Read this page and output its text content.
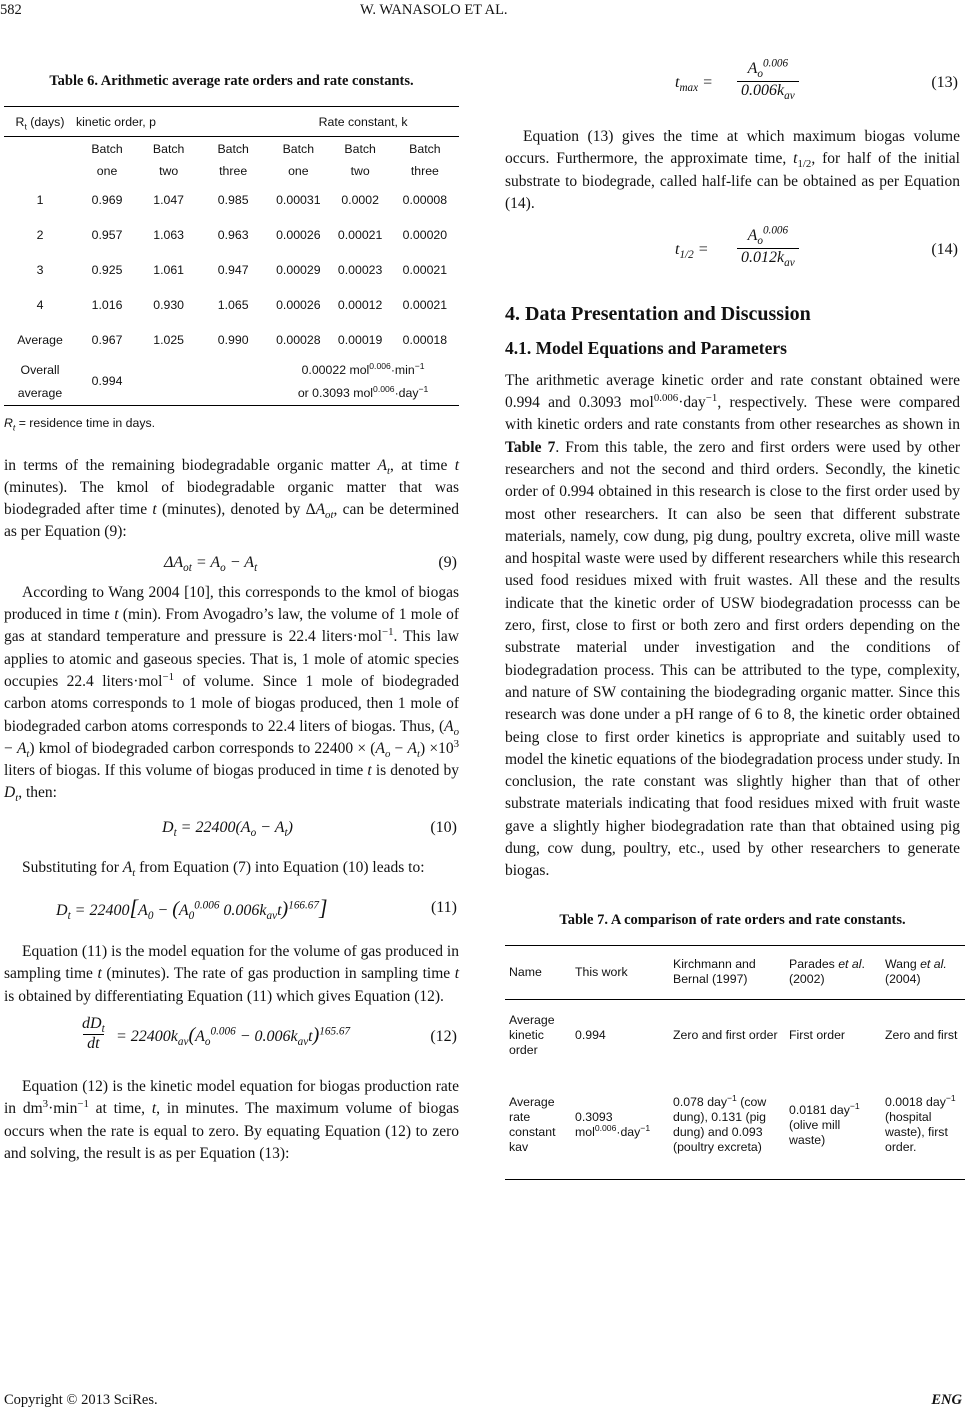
582	W. WANASOLO ET AL.
Table 6. Arithmetic average rate orders and rate constants.
$R_t$ (days)	kinetic order, p			Rate constant, k		
	Batch one	Batch two	Batch three	Batch one	Batch two	Batch three
1	0.969	1.047	0.985	0.00031	0.0002	0.00008
2	0.957	1.063	0.963	0.00026	0.00021	0.00020
3	0.925	1.061	0.947	0.00029	0.00023	0.00021
4	1.016	0.930	1.065	0.00026	0.00012	0.00021
Average	0.967	1.025	0.990	0.00028	0.00019	0.00018
Overall average	0.994			0.00022 $mol^{0.006}\cdot\min^{-1}$
or 0.3093 mol$^{0.006}$·day$^{-1}$
$R_t$ = residence time in days.

in terms of the remaining biodegradable organic matter $A_t$, at time t (minutes). The kmol of biodegradable organic matter that was biodegraded after time t (minutes), denoted by $\Delta A_{ot}$, can be determined as per Equation (9):

$\Delta A_{ot} = A_o - A_t$	(9)

According to Wang 2004 [10], this corresponds to the kmol of biogas produced in time t (min). From Avogadro’s law, the volume of 1 mole of gas at standard temperature and pressure is 22.4 liters·mol$^{-1}$. This law applies to atomic and gaseous species. That is, 1 mole of atomic species occupies 22.4 liters·mol$^{-1}$ of volume. Since 1 mole of biodegraded carbon atoms corresponds to 1 mole of biogas produced, then 1 mole of biodegraded carbon atoms corresponds to 22.4 liters of biogas. Thus, $(A_o - A_t)$ kmol of biodegraded carbon corresponds to $22400 \times (A_o - A_t) \times 10^3$ liters of biogas. If this volume of biogas produced in time t is denoted by $D_t$, then:

$D_t = 22400(A_o - A_t)$	(10)

Substituting for $A_t$ from Equation (7) into Equation (10) leads to:

$D_t = 22400[A_0 - (A_0^{0.006}$ $0.006k_{av}t)^{166.67}$]	(11)

Equation (11) is the model equation for the volume of gas produced in sampling time t (minutes). The rate of gas production in sampling time t is obtained by differentiating Equation (11) which gives Equation (12).

$dD_t$
dt	= $22400k_{av}(A_o^{0.006} - 0.006k_{av}t)^{165.67}$	(12)

Equation (12) is the kinetic model equation for biogas production rate in $dm^3\cdot\min^{-1}$ at time, t, in minutes. The maximum volume of biogas occurs when the rate is equal to zero. By equating Equation (12) to zero and solving, the result is as per Equation (13):

$t_{max}$ =
$A_o^{0.006}$
$0.006k_{av}$
(13)

Equation (13) gives the time at which maximum biogas volume occurs. Furthermore, the approximate time, $t_{1/2}$, for half of the initial substrate to biodegrade, called half-life can be obtained as per Equation (14).

$t_{1/2}$ =
$A_o^{0.006}$
$0.012k_{av}$
(14)
4. Data Presentation and Discussion
4.1. Model Equations and Parameters

The arithmetic average kinetic order and rate constant obtained were 0.994 and 0.3093 mol$^{0.006}$·day$^{-1}$, respectively. These were compared with kinetic orders and rate constants from other researches as shown in Table 7. From this table, the zero and first orders were used by other researchers and not the second and third orders. Secondly, the kinetic order of 0.994 obtained in this research is close to the first order used by most other researchers. It can also be seen that different substrate materials, namely, cow dung, pig dung, poultry excreta, olive mill waste and hospital waste were used by different researchers while this research used food residues mixed with fruit wastes. All these and the results indicate that the kinetic order of USW biodegradation processs can be zero, first, close to first or both zero and first orders depending on the substrate material under investigation and the conditions of biodegradation process. This can be attributed to the type, complexity, and nature of SW containing the biodegrading organic matter. Since this research was done under a pH range of 6 to 8, the kinetic order obtained being close to first order kinetics is appropriate and suitably used to model the kinetic equations of the biodegradation process under study. In conclusion, the rate constant was slightly higher than that of other substrate materials indicating that food residues mixed with fruit waste gave a slightly higher biodegradation rate than that obtained using pig dung, cow dung, poultry, etc., used by other researchers to generate biogas.

Table 7. A comparison of rate orders and rate constants.
Name	This work	Kirchmann and Bernal (1997)	Parades et al. (2002)	Wang et al. (2004)
Average kinetic order	0.994	Zero and first order	First order	Zero and first
Average rate constant kav	0.3093 mol$^{0.006}$·day$^{-1}$	0.078 day$^{-1}$ (cow dung), 0.131 (pig dung) and 0.093 (poultry excreta)	0.0181 day$^{-1}$ (olive mill waste)	0.0018 day$^{-1}$ (hospital waste), first order.
Copyright © 2013 SciRes.	ENG
